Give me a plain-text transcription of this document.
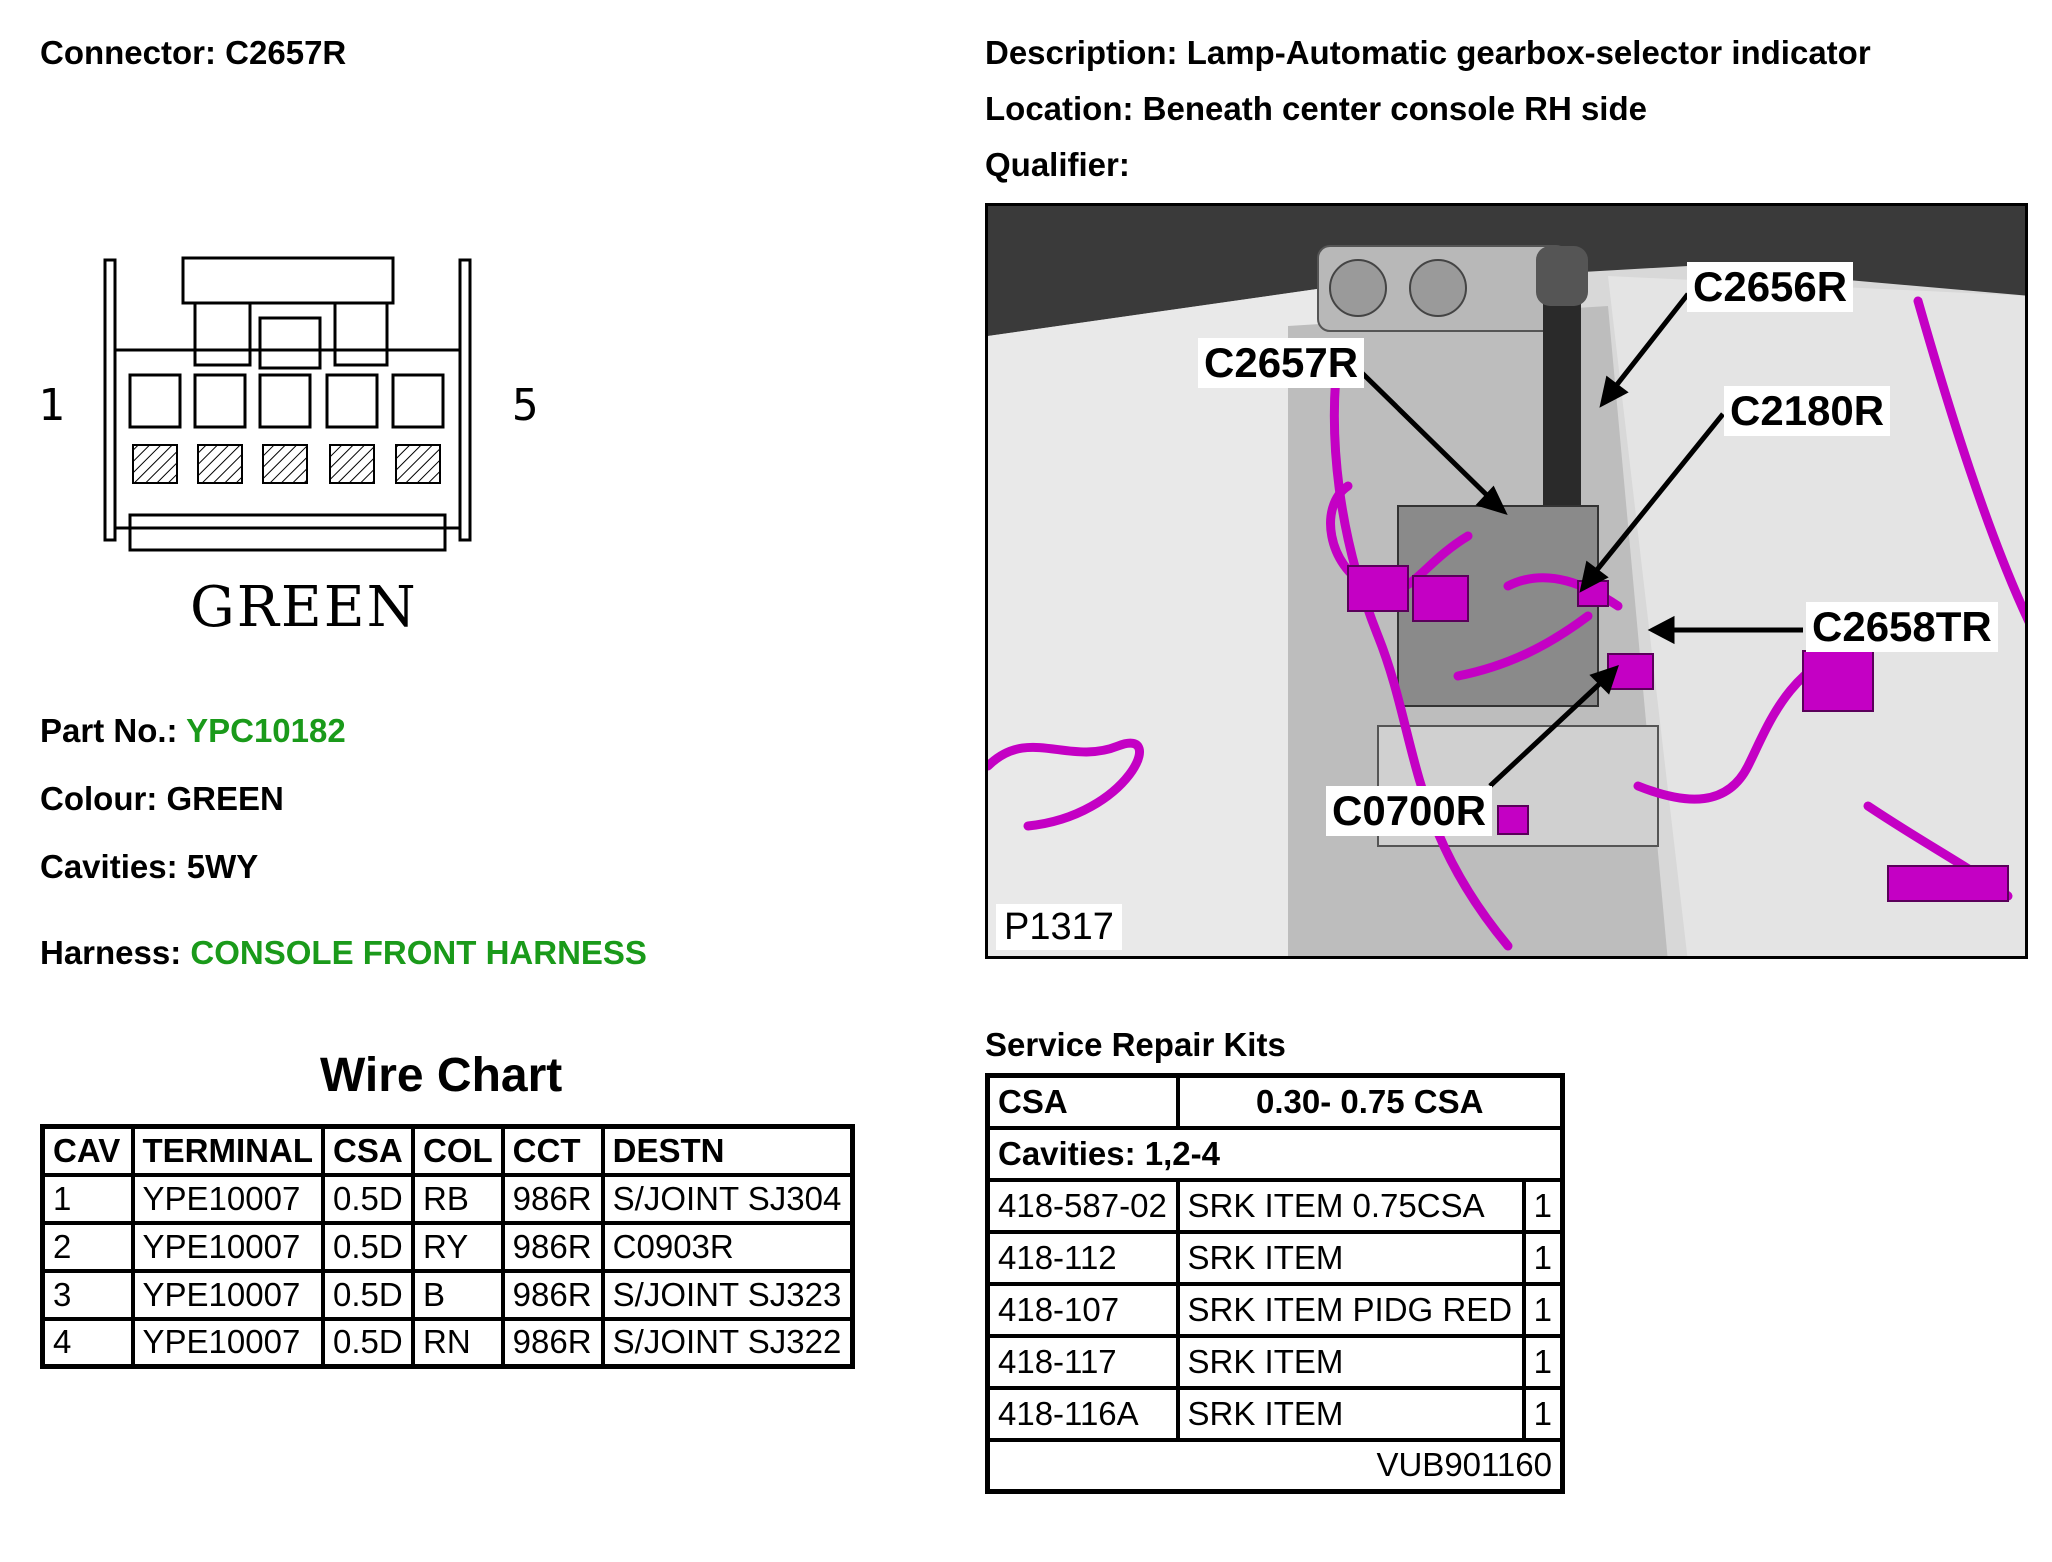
Connector: C2657R	Description: Lamp-Automatic gearbox-selector indicator
Location: Beneath center console RH side
Qualifier:
1	5
GREEN
Part No.: YPC10182
Colour: GREEN
Cavities: 5WY
Harness: CONSOLE FRONT HARNESS
C2656R
C2657R
C2180R
C2658TR
C0700R
P1317
Wire Chart
CAV	TERMINAL	CSA	COL	CCT	DESTN
1	YPE10007	0.5D	RB	986R	S/JOINT SJ304
2	YPE10007	0.5D	RY	986R	C0903R
3	YPE10007	0.5D	B	986R	S/JOINT SJ323
4	YPE10007	0.5D	RN	986R	S/JOINT SJ322
Service Repair Kits
CSA	0.30- 0.75 CSA	
Cavities: 1,2-4		
418-587-02	SRK ITEM 0.75CSA	1
418-112	SRK ITEM	1
418-107	SRK ITEM PIDG RED	1
418-117	SRK ITEM	1
418-116A	SRK ITEM	1
VUB901160		
